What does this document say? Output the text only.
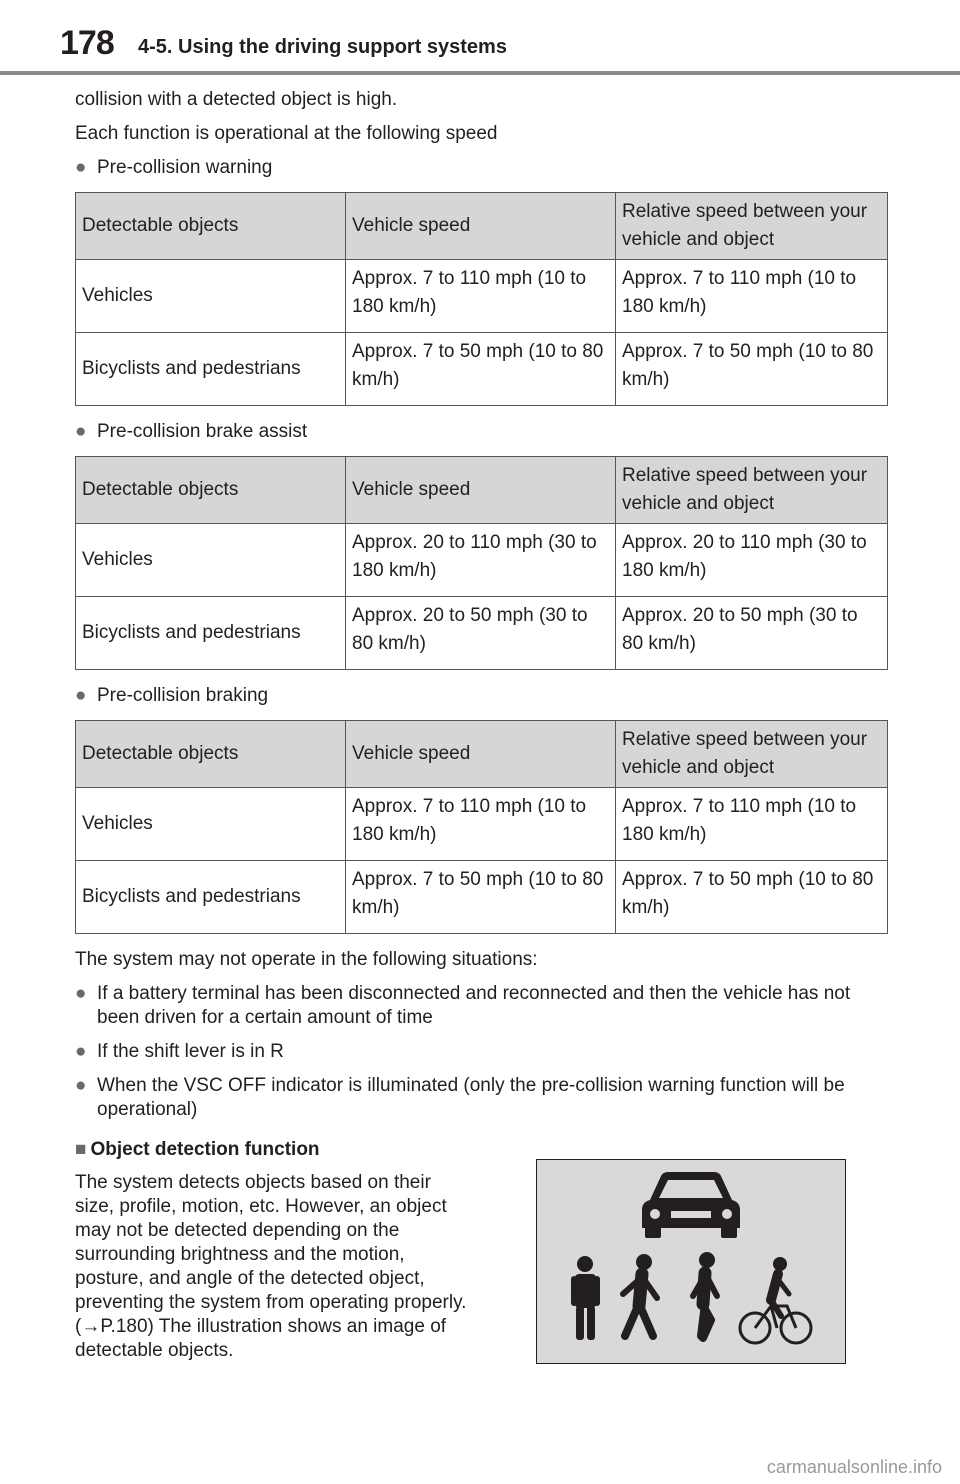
178 4-5. Using the driving support systems

collision with a detected object is high.

Each function is operational at the following speed

● Pre-collision warning
Detectable objects	Vehicle speed	Relative speed between your vehicle and object
Vehicles	Approx. 7 to 110 mph (10 to 180 km/h)	Approx. 7 to 110 mph (10 to 180 km/h)
Bicyclists and pedestrians	Approx. 7 to 50 mph (10 to 80 km/h)	Approx. 7 to 50 mph (10 to 80 km/h)
● Pre-collision brake assist
Detectable objects	Vehicle speed	Relative speed between your vehicle and object
Vehicles	Approx. 20 to 110 mph (30 to 180 km/h)	Approx. 20 to 110 mph (30 to 180 km/h)
Bicyclists and pedestrians	Approx. 20 to 50 mph (30 to 80 km/h)	Approx. 20 to 50 mph (30 to 80 km/h)
● Pre-collision braking
Detectable objects	Vehicle speed	Relative speed between your vehicle and object
Vehicles	Approx. 7 to 110 mph (10 to 180 km/h)	Approx. 7 to 110 mph (10 to 180 km/h)
Bicyclists and pedestrians	Approx. 7 to 50 mph (10 to 80 km/h)	Approx. 7 to 50 mph (10 to 80 km/h)

The system may not operate in the following situations:

● If a battery terminal has been disconnected and reconnected and then the vehicle has not been driven for a certain amount of time
● If the shift lever is in R
● When the VSC OFF indicator is illuminated (only the pre-collision warning function will be operational)
■ Object detection function
The system detects objects based on their size, profile, motion, etc. However, an object may not be detected depending on the surrounding brightness and the motion, posture, and angle of the detected object, preventing the system from operating properly. (→P.180) The illustration shows an image of detectable objects.
carmanualsonline.info
